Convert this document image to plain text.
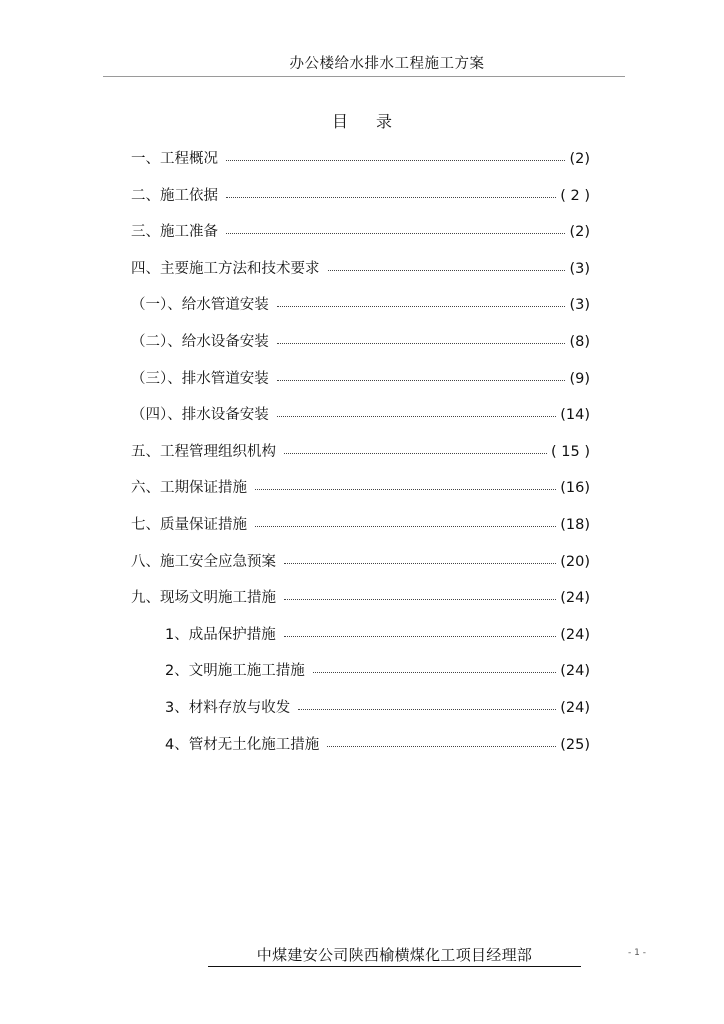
办公楼给水排水工程施工方案
目录
一、工程概况	(2)
二、施工依据	( 2 )
三、施工准备	(2)
四、主要施工方法和技术要求	(3)
（一）、给水管道安装	(3)
（二）、给水设备安装	(8)
（三）、排水管道安装	(9)
（四）、排水设备安装	(14)
五、工程管理组织机构	( 15 )
六、工期保证措施	(16)
七、质量保证措施	(18)
八、施工安全应急预案	(20)
九、现场文明施工措施	(24)
1、成品保护措施	(24)
2、文明施工施工措施	(24)
3、材料存放与收发	(24)
4、管材无土化施工措施	(25)
中煤建安公司陕西榆横煤化工项目经理部	- 1 -
